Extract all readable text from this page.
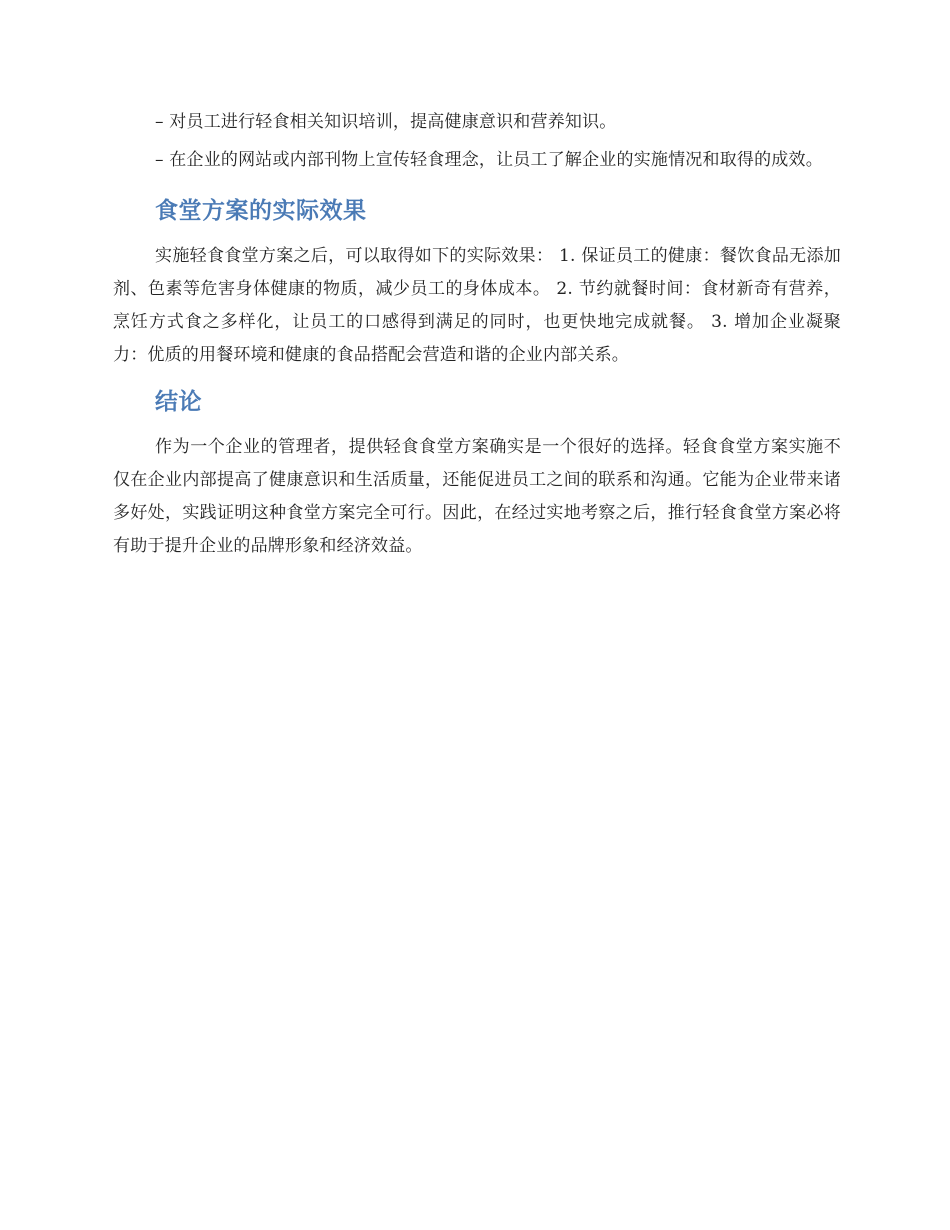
– 对员工进行轻食相关知识培训，提高健康意识和营养知识。

– 在企业的网站或内部刊物上宣传轻食理念，让员工了解企业的实施情况和取得的成效。

食堂方案的实际效果

实施轻食食堂方案之后，可以取得如下的实际效果： 1. 保证员工的健康：餐饮食品无添加剂、色素等危害身体健康的物质，减少员工的身体成本。 2. 节约就餐时间：食材新奇有营养，烹饪方式食之多样化，让员工的口感得到满足的同时，也更快地完成就餐。 3. 增加企业凝聚力：优质的用餐环境和健康的食品搭配会营造和谐的企业内部关系。

结论

作为一个企业的管理者，提供轻食食堂方案确实是一个很好的选择。轻食食堂方案实施不仅在企业内部提高了健康意识和生活质量，还能促进员工之间的联系和沟通。它能为企业带来诸多好处，实践证明这种食堂方案完全可行。因此，在经过实地考察之后，推行轻食食堂方案必将有助于提升企业的品牌形象和经济效益。
